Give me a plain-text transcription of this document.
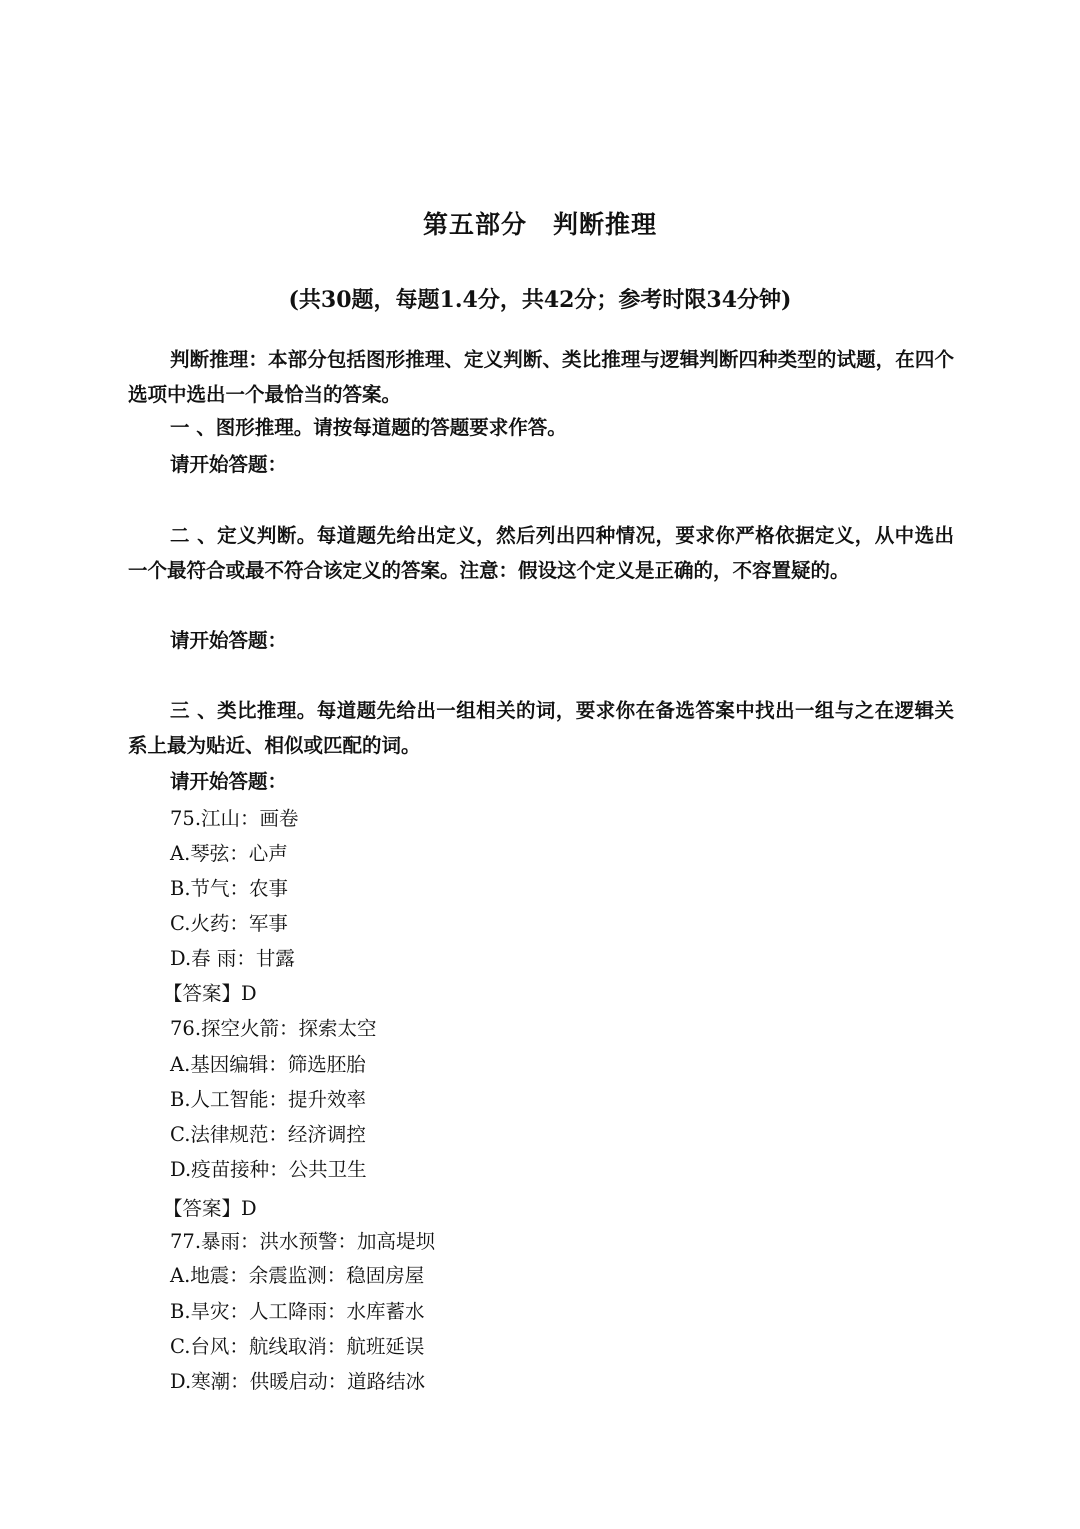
第五部分 判断推理

(共30题，每题1.4分，共42分；参考时限34分钟)

判断推理：本部分包括图形推理、定义判断、类比推理与逻辑判断四种类型的试题，在四个选项中选出一个最恰当的答案。

一 、图形推理。请按每道题的答题要求作答。

请开始答题：

二 、定义判断。每道题先给出定义，然后列出四种情况，要求你严格依据定义，从中选出一个最符合或最不符合该定义的答案。注意：假设这个定义是正确的，不容置疑的。

请开始答题：

三 、类比推理。每道题先给出一组相关的词，要求你在备选答案中找出一组与之在逻辑关系上最为贴近、相似或匹配的词。

请开始答题：

75.江山：画卷

A.琴弦：心声

B.节气：农事

C.火药：军事

D.春 雨：甘露

【答案】D

76.探空火箭：探索太空

A.基因编辑：筛选胚胎

B.人工智能：提升效率

C.法律规范：经济调控

D.疫苗接种：公共卫生

【答案】D

77.暴雨：洪水预警：加高堤坝

A.地震：余震监测：稳固房屋

B.旱灾：人工降雨：水库蓄水

C.台风：航线取消：航班延误

D.寒潮：供暖启动：道路结冰
